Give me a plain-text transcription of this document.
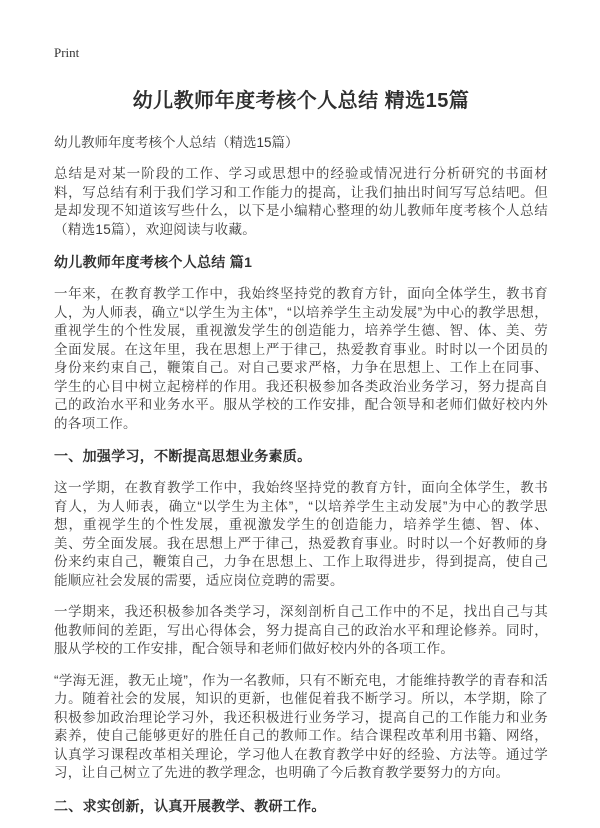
Print
幼儿教师年度考核个人总结 精选15篇
幼儿教师年度考核个人总结（精选15篇）

总结是对某一阶段的工作、学习或思想中的经验或情况进行分析研究的书面材料，写总结有利于我们学习和工作能力的提高，让我们抽出时间写写总结吧。但是却发现不知道该写些什么，以下是小编精心整理的幼儿教师年度考核个人总结（精选15篇），欢迎阅读与收藏。

幼儿教师年度考核个人总结 篇1

一年来，在教育教学工作中，我始终坚持党的教育方针，面向全体学生，教书育人，为人师表，确立“以学生为主体”，“以培养学生主动发展”为中心的教学思想，重视学生的个性发展，重视激发学生的创造能力，培养学生德、智、体、美、劳全面发展。在这年里，我在思想上严于律己，热爱教育事业。时时以一个团员的身份来约束自己，鞭策自己。对自己要求严格，力争在思想上、工作上在同事、学生的心目中树立起榜样的作用。我还积极参加各类政治业务学习，努力提高自己的政治水平和业务水平。服从学校的工作安排，配合领导和老师们做好校内外的各项工作。

一、加强学习，不断提高思想业务素质。

这一学期，在教育教学工作中，我始终坚持党的教育方针，面向全体学生，教书育人，为人师表，确立“以学生为主体”，“以培养学生主动发展”为中心的教学思想，重视学生的个性发展，重视激发学生的创造能力，培养学生德、智、体、美、劳全面发展。我在思想上严于律己，热爱教育事业。时时以一个好教师的身份来约束自己，鞭策自己，力争在思想上、工作上取得进步，得到提高，使自己能顺应社会发展的需要，适应岗位竞聘的需要。

一学期来，我还积极参加各类学习，深刻剖析自己工作中的不足，找出自己与其他教师间的差距，写出心得体会，努力提高自己的政治水平和理论修养。同时，服从学校的工作安排，配合领导和老师们做好校内外的各项工作。

“学海无涯，教无止境”，作为一名教师，只有不断充电，才能维持教学的青春和活力。随着社会的发展，知识的更新，也催促着我不断学习。所以，本学期，除了积极参加政治理论学习外，我还积极进行业务学习，提高自己的工作能力和业务素养，使自己能够更好的胜任自己的教师工作。结合课程改革利用书籍、网络，认真学习课程改革相关理论，学习他人在教育教学中好的经验、方法等。通过学习，让自己树立了先进的教学理念，也明确了今后教育教学要努力的方向。

二、求实创新，认真开展教学、教研工作。
